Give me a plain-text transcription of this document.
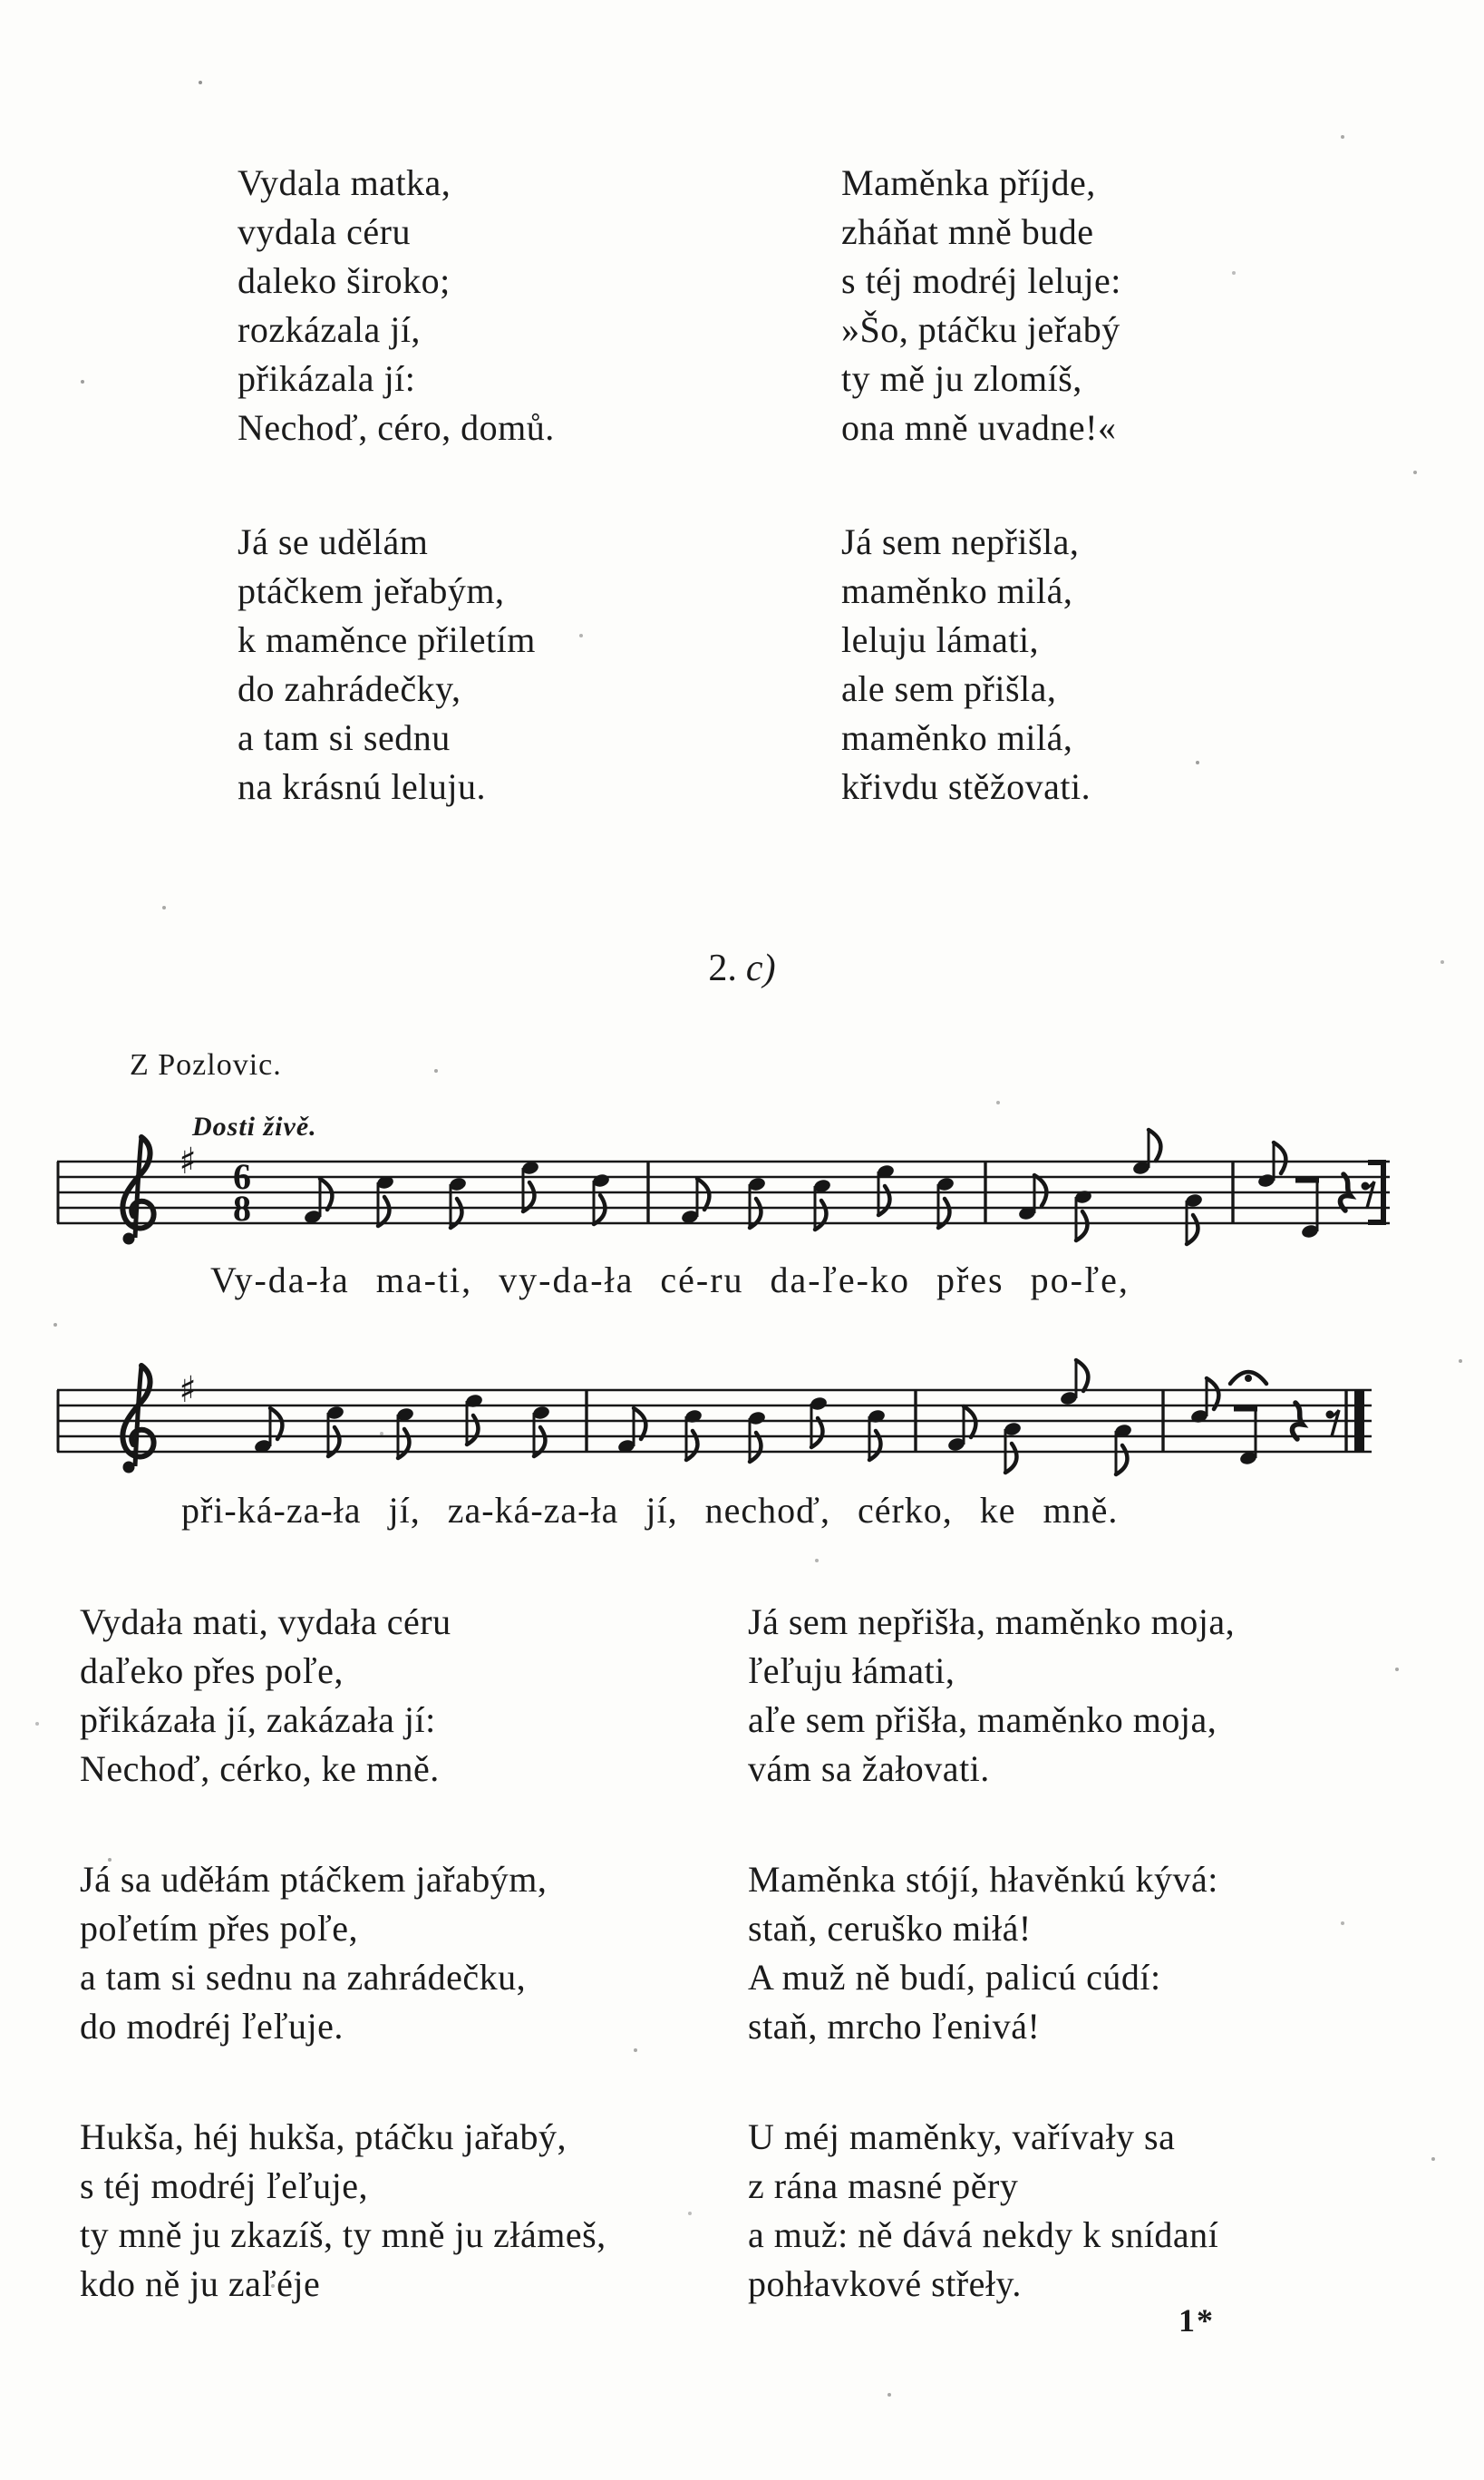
Vydala matka,
vydala céru
daleko široko;
rozkázala jí,
přikázala jí:
Nechoď, céro, domů.
Já se udělám
ptáčkem jeřabým,
k maměnce přiletím
do zahrádečky,
a tam si sednu
na krásnú leluju.
Maměnka příjde,
zháňat mně bude
s téj modréj leluje:
»Šo, ptáčku jeřabý
ty mě ju zlomíš,
ona mně uvadne!«
Já sem nepřišla,
maměnko milá,
leluju lámati,
ale sem přišla,
maměnko milá,
křivdu stěžovati.
2. c)
Z Pozlovic.
Dosti živě.
♯ 6
8
Vy-da-ła ma-ti, vy-da-ła cé-ru da-ľe-ko přes po-ľe,
♯
při-ká-za-ła jí, za-ká-za-ła jí, nechoď, cérko, ke mně.
Vydała mati, vydała céru
daľeko přes poľe,
přikázała jí, zakázała jí:
Nechoď, cérko, ke mně.
Já sa uděłám ptáčkem jařabým,
poľetím přes poľe,
a tam si sednu na zahrádečku,
do modréj ľeľuje.
Hukša, héj hukša, ptáčku jařabý,
s téj modréj ľeľuje,
ty mně ju zkazíš, ty mně ju złámeš,
kdo ně ju zaľéje
Já sem nepřišła, maměnko moja,
ľeľuju łámati,
aľe sem přišła, maměnko moja,
vám sa žałovati.
Maměnka stójí, hłavěnkú kývá:
staň, ceruško miłá!
A muž ně budí, palicú cúdí:
staň, mrcho ľenivá!
U méj maměnky, vařívały sa
z rána masné pěry
a muž: ně dává nekdy k snídaní
pohłavkové střeły.
1*
